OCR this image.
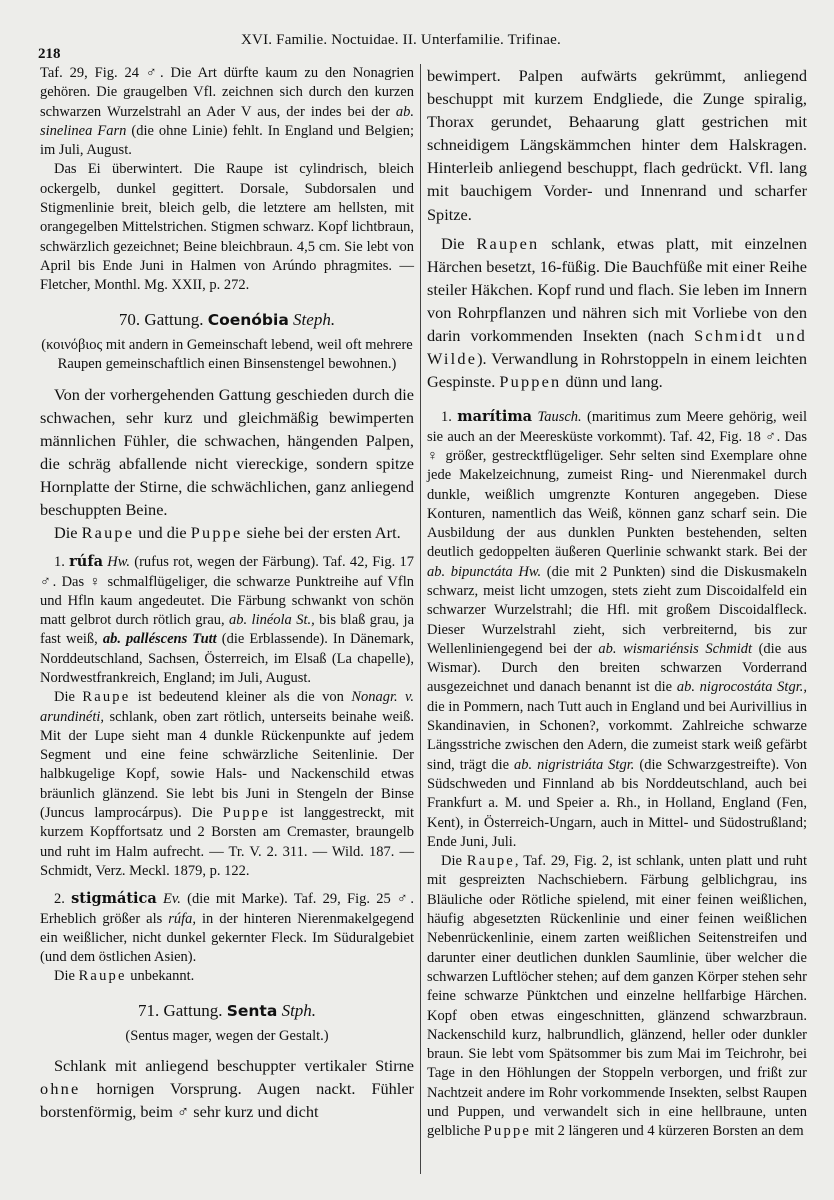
218
XVI. Familie. Noctuidae. II. Unterfamilie. Trifinae.

Taf. 29, Fig. 24 ♂. Die Art dürfte kaum zu den Nonagrien gehören. Die graugelben Vfl. zeichnen sich durch den kurzen schwarzen Wurzelstrahl an Ader V aus, der indes bei der ab. sinelinea Farn (die ohne Linie) fehlt. In England und Belgien; im Juli, August.

Das Ei überwintert. Die Raupe ist cylindrisch, bleich ockergelb, dunkel gegittert. Dorsale, Subdorsalen und Stigmenlinie breit, bleich gelb, die letztere am hellsten, mit orangegelben Mittelstrichen. Stigmen schwarz. Kopf lichtbraun, schwärzlich gezeichnet; Beine bleichbraun. 4,5 cm. Sie lebt von April bis Ende Juni in Halmen von Arúndo phragmites. — Fletcher, Monthl. Mg. XXII, p. 272.

70. Gattung. Coenóbia Steph.
(κοινόβιος mit andern in Gemeinschaft lebend, weil oft mehrere Raupen gemeinschaftlich einen Binsenstengel bewohnen.)

Von der vorhergehenden Gattung geschieden durch die schwachen, sehr kurz und gleichmäßig bewimperten männlichen Fühler, die schwachen, hängenden Palpen, die schräg abfallende nicht viereckige, sondern spitze Hornplatte der Stirne, die schwächlichen, ganz anliegend beschuppten Beine.

Die Raupe und die Puppe siehe bei der ersten Art.

1. rúfa Hw. (rufus rot, wegen der Färbung). Taf. 42, Fig. 17 ♂. Das ♀ schmalflügeliger, die schwarze Punktreihe auf Vfln und Hfln kaum angedeutet. Die Färbung schwankt von schön matt gelbrot durch rötlich grau, ab. linéola St., bis blaß grau, ja fast weiß, ab. palléscens Tutt (die Erblassende). In Dänemark, Norddeutschland, Sachsen, Österreich, im Elsaß (La chapelle), Nordwestfrankreich, England; im Juli, August.

Die Raupe ist bedeutend kleiner als die von Nonagr. v. arundinéti, schlank, oben zart rötlich, unterseits beinahe weiß. Mit der Lupe sieht man 4 dunkle Rückenpunkte auf jedem Segment und eine feine schwärzliche Seitenlinie. Der halbkugelige Kopf, sowie Hals- und Nackenschild etwas bräunlich glänzend. Sie lebt bis Juni in Stengeln der Binse (Juncus lamprocárpus). Die Puppe ist langgestreckt, mit kurzem Kopffortsatz und 2 Borsten am Cremaster, braungelb und ruht im Halm aufrecht. — Tr. V. 2. 311. — Wild. 187. — Schmidt, Verz. Meckl. 1879, p. 122.

2. stigmática Ev. (die mit Marke). Taf. 29, Fig. 25 ♂. Erheblich größer als rúfa, in der hinteren Nierenmakelgegend ein weißlicher, nicht dunkel gekernter Fleck. Im Süduralgebiet (und dem östlichen Asien).

Die Raupe unbekannt.

71. Gattung. Senta Stph.
(Sentus mager, wegen der Gestalt.)

Schlank mit anliegend beschuppter vertikaler Stirne ohne hornigen Vorsprung. Augen nackt. Fühler borstenförmig, beim ♂ sehr kurz und dicht

bewimpert. Palpen aufwärts gekrümmt, anliegend beschuppt mit kurzem Endgliede, die Zunge spiralig, Thorax gerundet, Behaarung glatt gestrichen mit schneidigem Längskämmchen hinter dem Halskragen. Hinterleib anliegend beschuppt, flach gedrückt. Vfl. lang mit bauchigem Vorder- und Innenrand und scharfer Spitze.

Die Raupen schlank, etwas platt, mit einzelnen Härchen besetzt, 16-füßig. Die Bauchfüße mit einer Reihe steiler Häkchen. Kopf rund und flach. Sie leben im Innern von Rohrpflanzen und nähren sich mit Vorliebe von den darin vorkommenden Insekten (nach Schmidt und Wilde). Verwandlung in Rohrstoppeln in einem leichten Gespinste. Puppen dünn und lang.

1. marítima Tausch. (maritimus zum Meere gehörig, weil sie auch an der Meeresküste vorkommt). Taf. 42, Fig. 18 ♂. Das ♀ größer, gestrecktflügeliger. Sehr selten sind Exemplare ohne jede Makelzeichnung, zumeist Ring- und Nierenmakel durch dunkle, weißlich umgrenzte Konturen angegeben. Diese Konturen, namentlich das Weiß, können ganz scharf sein. Die Ausbildung der aus dunklen Punkten bestehenden, selten deutlich gedoppelten äußeren Querlinie schwankt stark. Bei der ab. bipunctáta Hw. (die mit 2 Punkten) sind die Diskusmakeln schwarz, meist licht umzogen, stets zieht zum Discoidalfeld ein schwarzer Wurzelstrahl; die Hfl. mit großem Discoidalfleck. Dieser Wurzelstrahl zieht, sich verbreiternd, bis zur Wellenliniengegend bei der ab. wismariénsis Schmidt (die aus Wismar). Durch den breiten schwarzen Vorderrand ausgezeichnet und danach benannt ist die ab. nigrocostáta Stgr., die in Pommern, nach Tutt auch in England und bei Aurivillius in Skandinavien, in Schonen?, vorkommt. Zahlreiche schwarze Längsstriche zwischen den Adern, die zumeist stark weiß gefärbt sind, trägt die ab. nigristriáta Stgr. (die Schwarzgestreifte). Von Südschweden und Finnland ab bis Norddeutschland, auch bei Frankfurt a. M. und Speier a. Rh., in Holland, England (Fen, Kent), in Österreich-Ungarn, auch in Mittel- und Südostrußland; Ende Juni, Juli.

Die Raupe, Taf. 29, Fig. 2, ist schlank, unten platt und ruht mit gespreizten Nachschiebern. Färbung gelblichgrau, ins Bläuliche oder Rötliche spielend, mit einer feinen weißlichen, häufig abgesetzten Rückenlinie und einer feinen weißlichen Nebenrückenlinie, einem zarten weißlichen Seitenstreifen und darunter einer deutlichen dunklen Saumlinie, über welcher die schwarzen Luftlöcher stehen; auf dem ganzen Körper stehen sehr feine schwarze Pünktchen und einzelne hellfarbige Härchen. Kopf oben etwas eingeschnitten, glänzend schwarzbraun. Nackenschild kurz, halbrundlich, glänzend, heller oder dunkler braun. Sie lebt vom Spätsommer bis zum Mai im Teichrohr, bei Tage in den Höhlungen der Stoppeln verborgen, und frißt zur Nachtzeit andere im Rohr vorkommende Insekten, selbst Raupen und Puppen, und verwandelt sich in eine hellbraune, unten gelbliche Puppe mit 2 längeren und 4 kürzeren Borsten an dem
